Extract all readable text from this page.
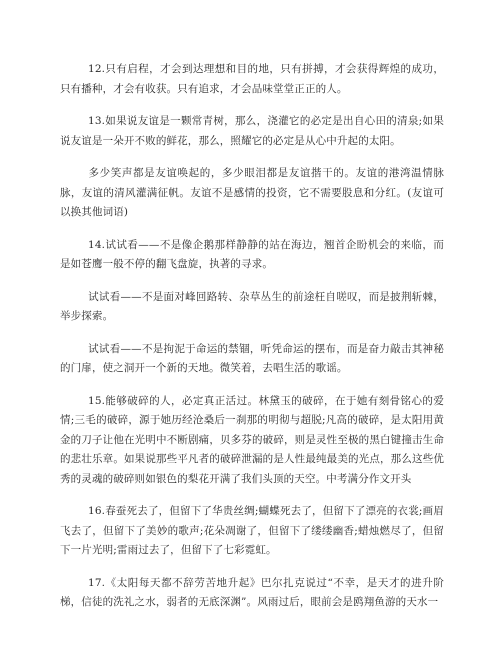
12.只有启程，才会到达理想和目的地，只有拼搏，才会获得辉煌的成功，只有播种，才会有收获。只有追求，才会品味堂堂正正的人。

13.如果说友谊是一颗常青树，那么，浇灌它的必定是出自心田的清泉;如果说友谊是一朵开不败的鲜花，那么，照耀它的必定是从心中升起的太阳。

多少笑声都是友谊唤起的，多少眼泪都是友谊揩干的。友谊的港湾温情脉脉，友谊的清风灌满征帆。友谊不是感情的投资，它不需要股息和分红。(友谊可以换其他词语)

14.试试看——不是像企鹅那样静静的站在海边，翘首企盼机会的来临，而是如苍鹰一般不停的翻飞盘旋，执著的寻求。

试试看——不是面对峰回路转、杂草丛生的前途枉自嗟叹，而是披荆斩棘，举步探索。

试试看——不是拘泥于命运的禁锢，听凭命运的摆布，而是奋力敲击其神秘的门扉，使之洞开一个新的天地。微笑着，去唱生活的歌谣。

15.能够破碎的人，必定真正活过。林黛玉的破碎，在于她有刻骨铭心的爱情;三毛的破碎，源于她历经沧桑后一刹那的明彻与超脱;凡高的破碎，是太阳用黄金的刀子让他在光明中不断剧痛，贝多芬的破碎，则是灵性至极的黑白键撞击生命的悲壮乐章。如果说那些平凡者的破碎泄漏的是人性最纯最美的光点，那么这些优秀的灵魂的破碎则如银色的梨花开满了我们头顶的天空。中考满分作文开头

16.春蚕死去了，但留下了华贵丝绸;蝴蝶死去了，但留下了漂亮的衣裳;画眉飞去了，但留下了美妙的歌声;花朵凋谢了，但留下了缕缕幽香;蜡烛燃尽了，但留下一片光明;雷雨过去了，但留下了七彩霓虹。

17.《太阳每天都不辞劳苦地升起》巴尔扎克说过“不幸，是天才的进升阶梯，信徒的洗礼之水，弱者的无底深渊”。风雨过后，眼前会是鸥翔鱼游的天水一
